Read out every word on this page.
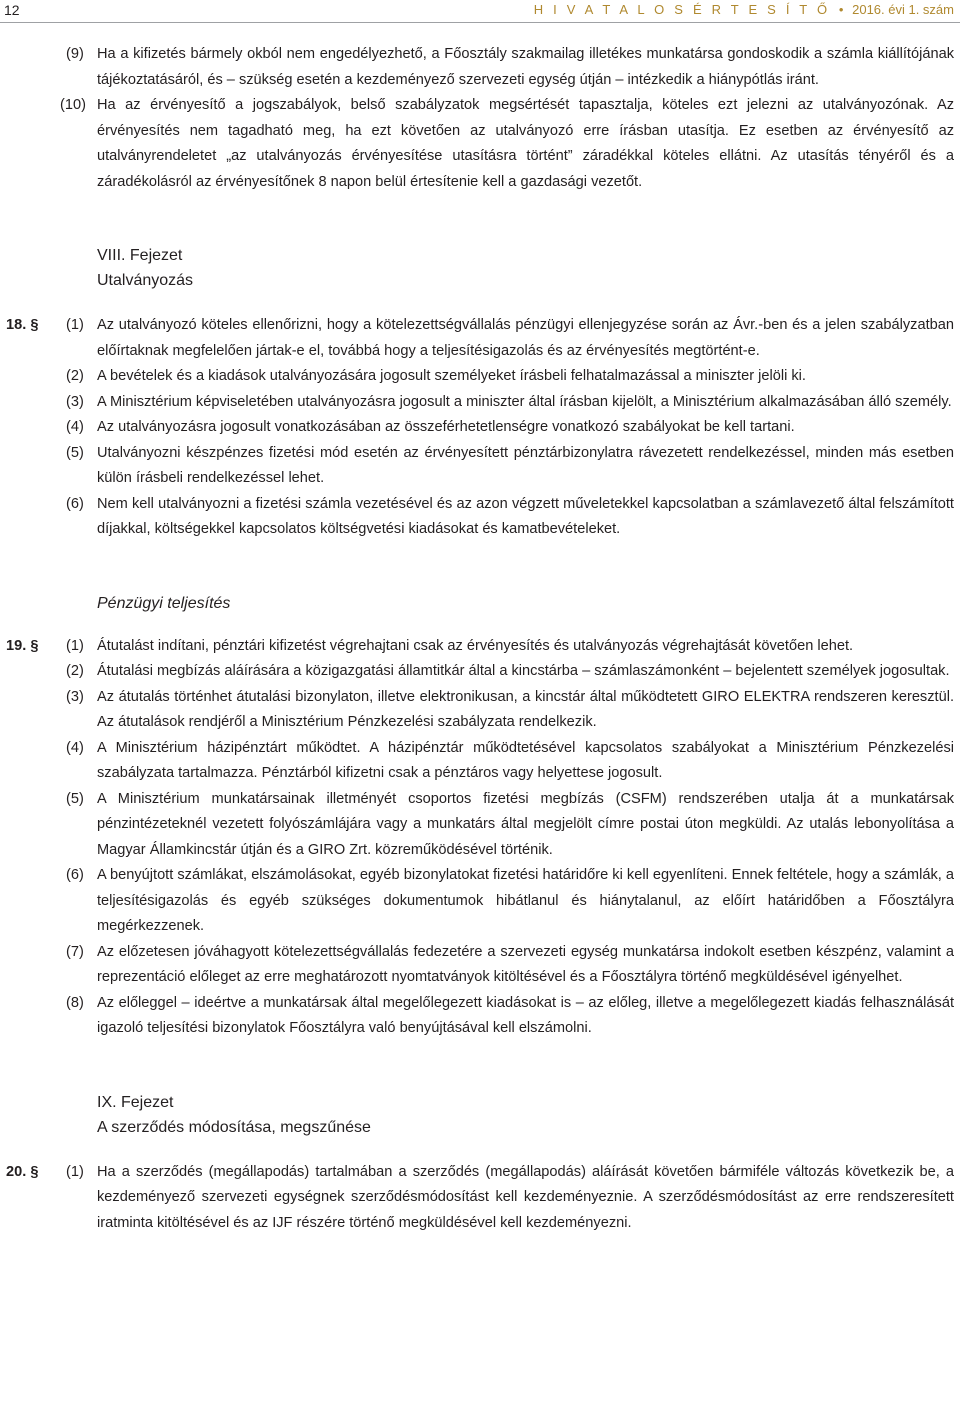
12	H I V A T A L O S É R T E S Í T Ő • 2016. évi 1. szám
(9) Ha a kifizetés bármely okból nem engedélyezhető, a Főosztály szakmailag illetékes munkatársa gondoskodik a számla kiállítójának tájékoztatásáról, és – szükség esetén a kezdeményező szervezeti egység útján – intézkedik a hiánypótlás iránt.
(10) Ha az érvényesítő a jogszabályok, belső szabályzatok megsértését tapasztalja, köteles ezt jelezni az utalványozónak. Az érvényesítés nem tagadható meg, ha ezt követően az utalványozó erre írásban utasítja. Ez esetben az érvényesítő az utalványrendeletet „az utalványozás érvényesítése utasításra történt” záradékkal köteles ellátni. Az utasítás tényéről és a záradékolásról az érvényesítőnek 8 napon belül értesítenie kell a gazdasági vezetőt.
VIII. Fejezet
Utalványozás
18. §	(1) Az utalványozó köteles ellenőrizni, hogy a kötelezettségvállalás pénzügyi ellenjegyzése során az Ávr.-ben és a jelen szabályzatban előírtaknak megfelelően jártak-e el, továbbá hogy a teljesítésigazolás és az érvényesítés megtörtént-e.
(2) A bevételek és a kiadások utalványozására jogosult személyeket írásbeli felhatalmazással a miniszter jelöli ki.
(3) A Minisztérium képviseletében utalványozásra jogosult a miniszter által írásban kijelölt, a Minisztérium alkalmazásában álló személy.
(4) Az utalványozásra jogosult vonatkozásában az összeférhetetlenségre vonatkozó szabályokat be kell tartani.
(5) Utalványozni készpénzes fizetési mód esetén az érvényesített pénztárbizonylatra rávezetett rendelkezéssel, minden más esetben külön írásbeli rendelkezéssel lehet.
(6) Nem kell utalványozni a fizetési számla vezetésével és az azon végzett műveletekkel kapcsolatban a számlavezető által felszámított díjakkal, költségekkel kapcsolatos költségvetési kiadásokat és kamatbevételeket.
Pénzügyi teljesítés
19. §	(1) Átutalást indítani, pénztári kifizetést végrehajtani csak az érvényesítés és utalványozás végrehajtását követően lehet.
(2) Átutalási megbízás aláírására a közigazgatási államtitkár által a kincstárba – számlaszámonként – bejelentett személyek jogosultak.
(3) Az átutalás történhet átutalási bizonylaton, illetve elektronikusan, a kincstár által működtetett GIRO ELEKTRA rendszeren keresztül. Az átutalások rendjéről a Minisztérium Pénzkezelési szabályzata rendelkezik.
(4) A Minisztérium házipénztárt működtet. A házipénztár működtetésével kapcsolatos szabályokat a Minisztérium Pénzkezelési szabályzata tartalmazza. Pénztárból kifizetni csak a pénztáros vagy helyettese jogosult.
(5) A Minisztérium munkatársainak illetményét csoportos fizetési megbízás (CSFM) rendszerében utalja át a munkatársak pénzintézeteknél vezetett folyószámlájára vagy a munkatárs által megjelölt címre postai úton megküldi. Az utalás lebonyolítása a Magyar Államkincstár útján és a GIRO Zrt. közreműködésével történik.
(6) A benyújtott számlákat, elszámolásokat, egyéb bizonylatokat fizetési határidőre ki kell egyenlíteni. Ennek feltétele, hogy a számlák, a teljesítésigazolás és egyéb szükséges dokumentumok hibátlanul és hiánytalanul, az előírt határidőben a Főosztályra megérkezzenek.
(7) Az előzetesen jóváhagyott kötelezettségvállalás fedezetére a szervezeti egység munkatársa indokolt esetben készpénz, valamint a reprezentáció előleget az erre meghatározott nyomtatványok kitöltésével és a Főosztályra történő megküldésével igényelhet.
(8) Az előleggel – ideértve a munkatársak által megelőlegezett kiadásokat is – az előleg, illetve a megelőlegezett kiadás felhasználását igazoló teljesítési bizonylatok Főosztályra való benyújtásával kell elszámolni.
IX. Fejezet
A szerződés módosítása, megszűnése
20. §	(1) Ha a szerződés (megállapodás) tartalmában a szerződés (megállapodás) aláírását követően bármiféle változás következik be, a kezdeményező szervezeti egységnek szerződésmódosítást kell kezdeményeznie. A szerződésmódosítást az erre rendszeresített iratminta kitöltésével és az IJF részére történő megküldésével kell kezdeményezni.
